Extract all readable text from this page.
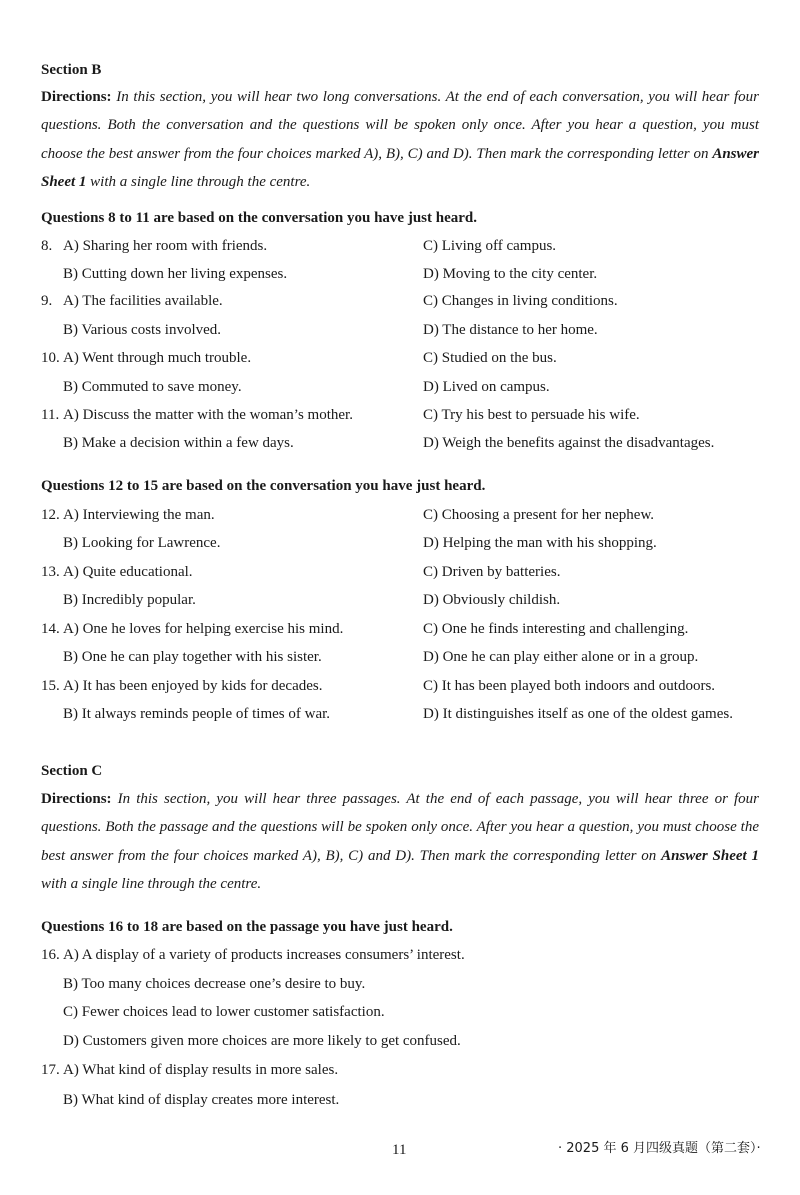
Section B
Directions: In this section, you will hear two long conversations. At the end of each conversation, you will hear four questions. Both the conversation and the questions will be spoken only once. After you hear a question, you must choose the best answer from the four choices marked A), B), C) and D). Then mark the corresponding letter on Answer Sheet 1 with a single line through the centre.
Questions 8 to 11 are based on the conversation you have just heard.
8. A) Sharing her room with friends.
B) Cutting down her living expenses.
C) Living off campus.
D) Moving to the city center.
9. A) The facilities available.
B) Various costs involved.
C) Changes in living conditions.
D) The distance to her home.
10. A) Went through much trouble.
B) Commuted to save money.
C) Studied on the bus.
D) Lived on campus.
11. A) Discuss the matter with the woman’s mother.
B) Make a decision within a few days.
C) Try his best to persuade his wife.
D) Weigh the benefits against the disadvantages.
Questions 12 to 15 are based on the conversation you have just heard.
12. A) Interviewing the man.
B) Looking for Lawrence.
C) Choosing a present for her nephew.
D) Helping the man with his shopping.
13. A) Quite educational.
B) Incredibly popular.
C) Driven by batteries.
D) Obviously childish.
14. A) One he loves for helping exercise his mind.
B) One he can play together with his sister.
C) One he finds interesting and challenging.
D) One he can play either alone or in a group.
15. A) It has been enjoyed by kids for decades.
B) It always reminds people of times of war.
C) It has been played both indoors and outdoors.
D) It distinguishes itself as one of the oldest games.
Section C
Directions: In this section, you will hear three passages. At the end of each passage, you will hear three or four questions. Both the passage and the questions will be spoken only once. After you hear a question, you must choose the best answer from the four choices marked A), B), C) and D). Then mark the corresponding letter on Answer Sheet 1 with a single line through the centre.
Questions 16 to 18 are based on the passage you have just heard.
16. A) A display of a variety of products increases consumers’ interest.
B) Too many choices decrease one’s desire to buy.
C) Fewer choices lead to lower customer satisfaction.
D) Customers given more choices are more likely to get confused.
17. A) What kind of display results in more sales.
B) What kind of display creates more interest.
11	· 2025 年 6 月四级真题（第二套）·
